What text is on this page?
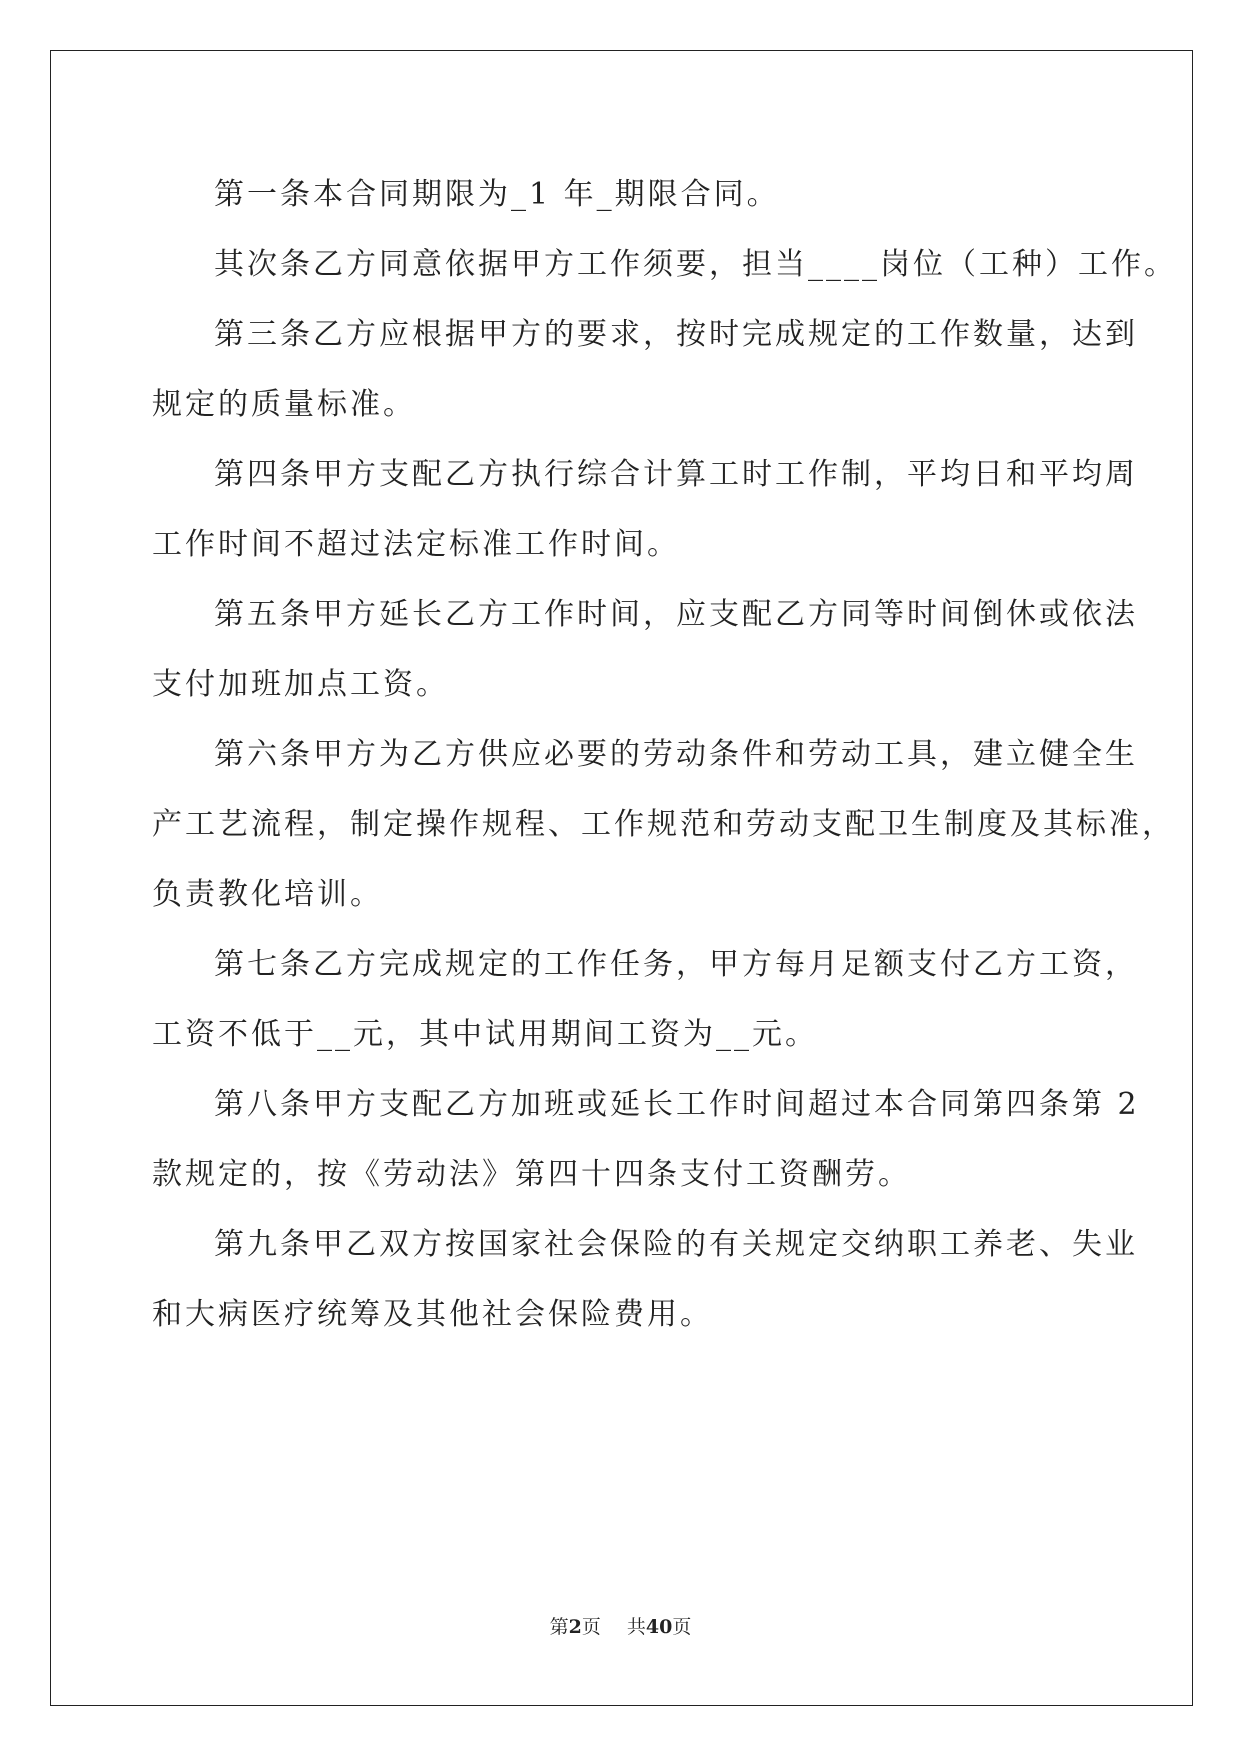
第一条本合同期限为_1 年_期限合同。

其次条乙方同意依据甲方工作须要，担当____岗位（工种）工作。

第三条乙方应根据甲方的要求，按时完成规定的工作数量，达到
规定的质量标准。

第四条甲方支配乙方执行综合计算工时工作制，平均日和平均周
工作时间不超过法定标准工作时间。

第五条甲方延长乙方工作时间，应支配乙方同等时间倒休或依法
支付加班加点工资。

第六条甲方为乙方供应必要的劳动条件和劳动工具，建立健全生
产工艺流程，制定操作规程、工作规范和劳动支配卫生制度及其标准，
负责教化培训。

第七条乙方完成规定的工作任务，甲方每月足额支付乙方工资，
工资不低于__元，其中试用期间工资为__元。

第八条甲方支配乙方加班或延长工作时间超过本合同第四条第 2
款规定的，按《劳动法》第四十四条支付工资酬劳。

第九条甲乙双方按国家社会保险的有关规定交纳职工养老、失业
和大病医疗统筹及其他社会保险费用。

第2页 共40页
